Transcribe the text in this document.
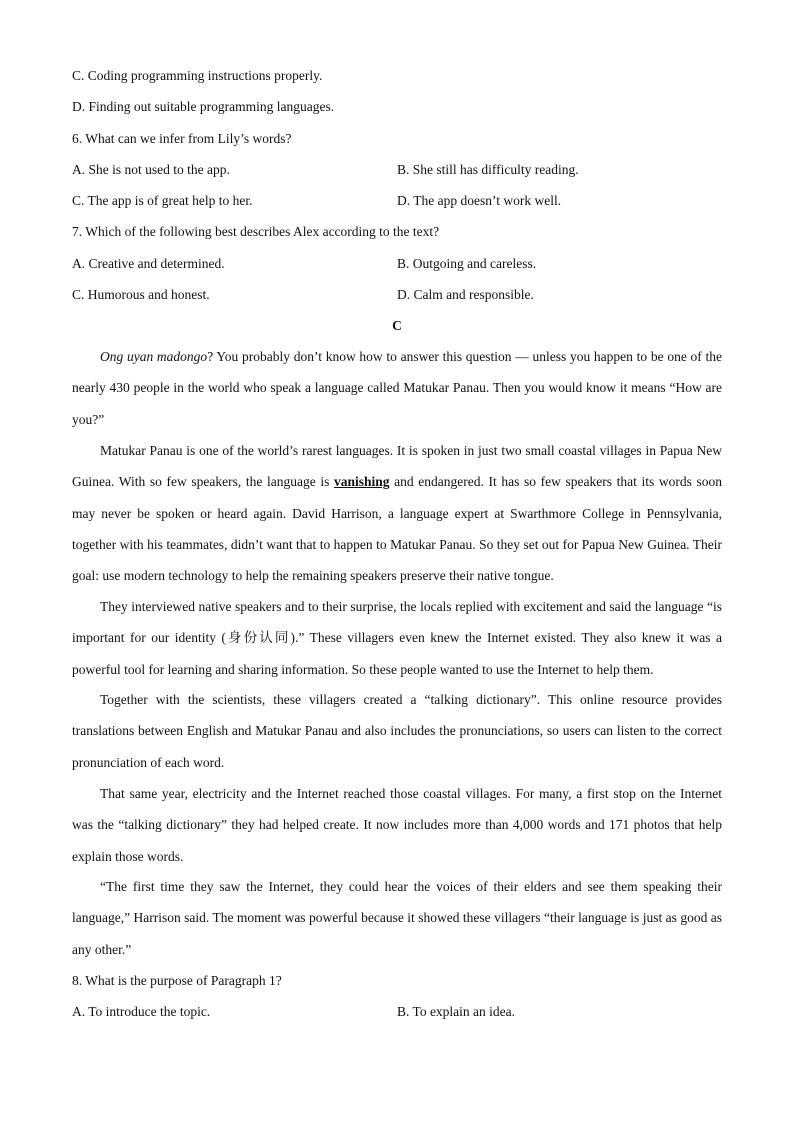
C. Coding programming instructions properly.
D. Finding out suitable programming languages.
6. What can we infer from Lily’s words?
A. She is not used to the app.	B. She still has difficulty reading.
C. The app is of great help to her.	D. The app doesn’t work well.
7. Which of the following best describes Alex according to the text?
A. Creative and determined.	B. Outgoing and careless.
C. Humorous and honest.	D. Calm and responsible.
C

Ong uyan madongo? You probably don’t know how to answer this question — unless you happen to be one of the nearly 430 people in the world who speak a language called Matukar Panau. Then you would know it means “How are you?”

Matukar Panau is one of the world’s rarest languages. It is spoken in just two small coastal villages in Papua New Guinea. With so few speakers, the language is vanishing and endangered. It has so few speakers that its words soon may never be spoken or heard again. David Harrison, a language expert at Swarthmore College in Pennsylvania, together with his teammates, didn’t want that to happen to Matukar Panau. So they set out for Papua New Guinea. Their goal: use modern technology to help the remaining speakers preserve their native tongue.

They interviewed native speakers and to their surprise, the locals replied with excitement and said the language “is important for our identity (身份认同).” These villagers even knew the Internet existed. They also knew it was a powerful tool for learning and sharing information. So these people wanted to use the Internet to help them.

Together with the scientists, these villagers created a “talking dictionary”. This online resource provides translations between English and Matukar Panau and also includes the pronunciations, so users can listen to the correct pronunciation of each word.

That same year, electricity and the Internet reached those coastal villages. For many, a first stop on the Internet was the “talking dictionary” they had helped create. It now includes more than 4,000 words and 171 photos that help explain those words.

“The first time they saw the Internet, they could hear the voices of their elders and see them speaking their language,” Harrison said. The moment was powerful because it showed these villagers “their language is just as good as any other.”

8. What is the purpose of Paragraph 1?
A. To introduce the topic.	B. To explain an idea.
